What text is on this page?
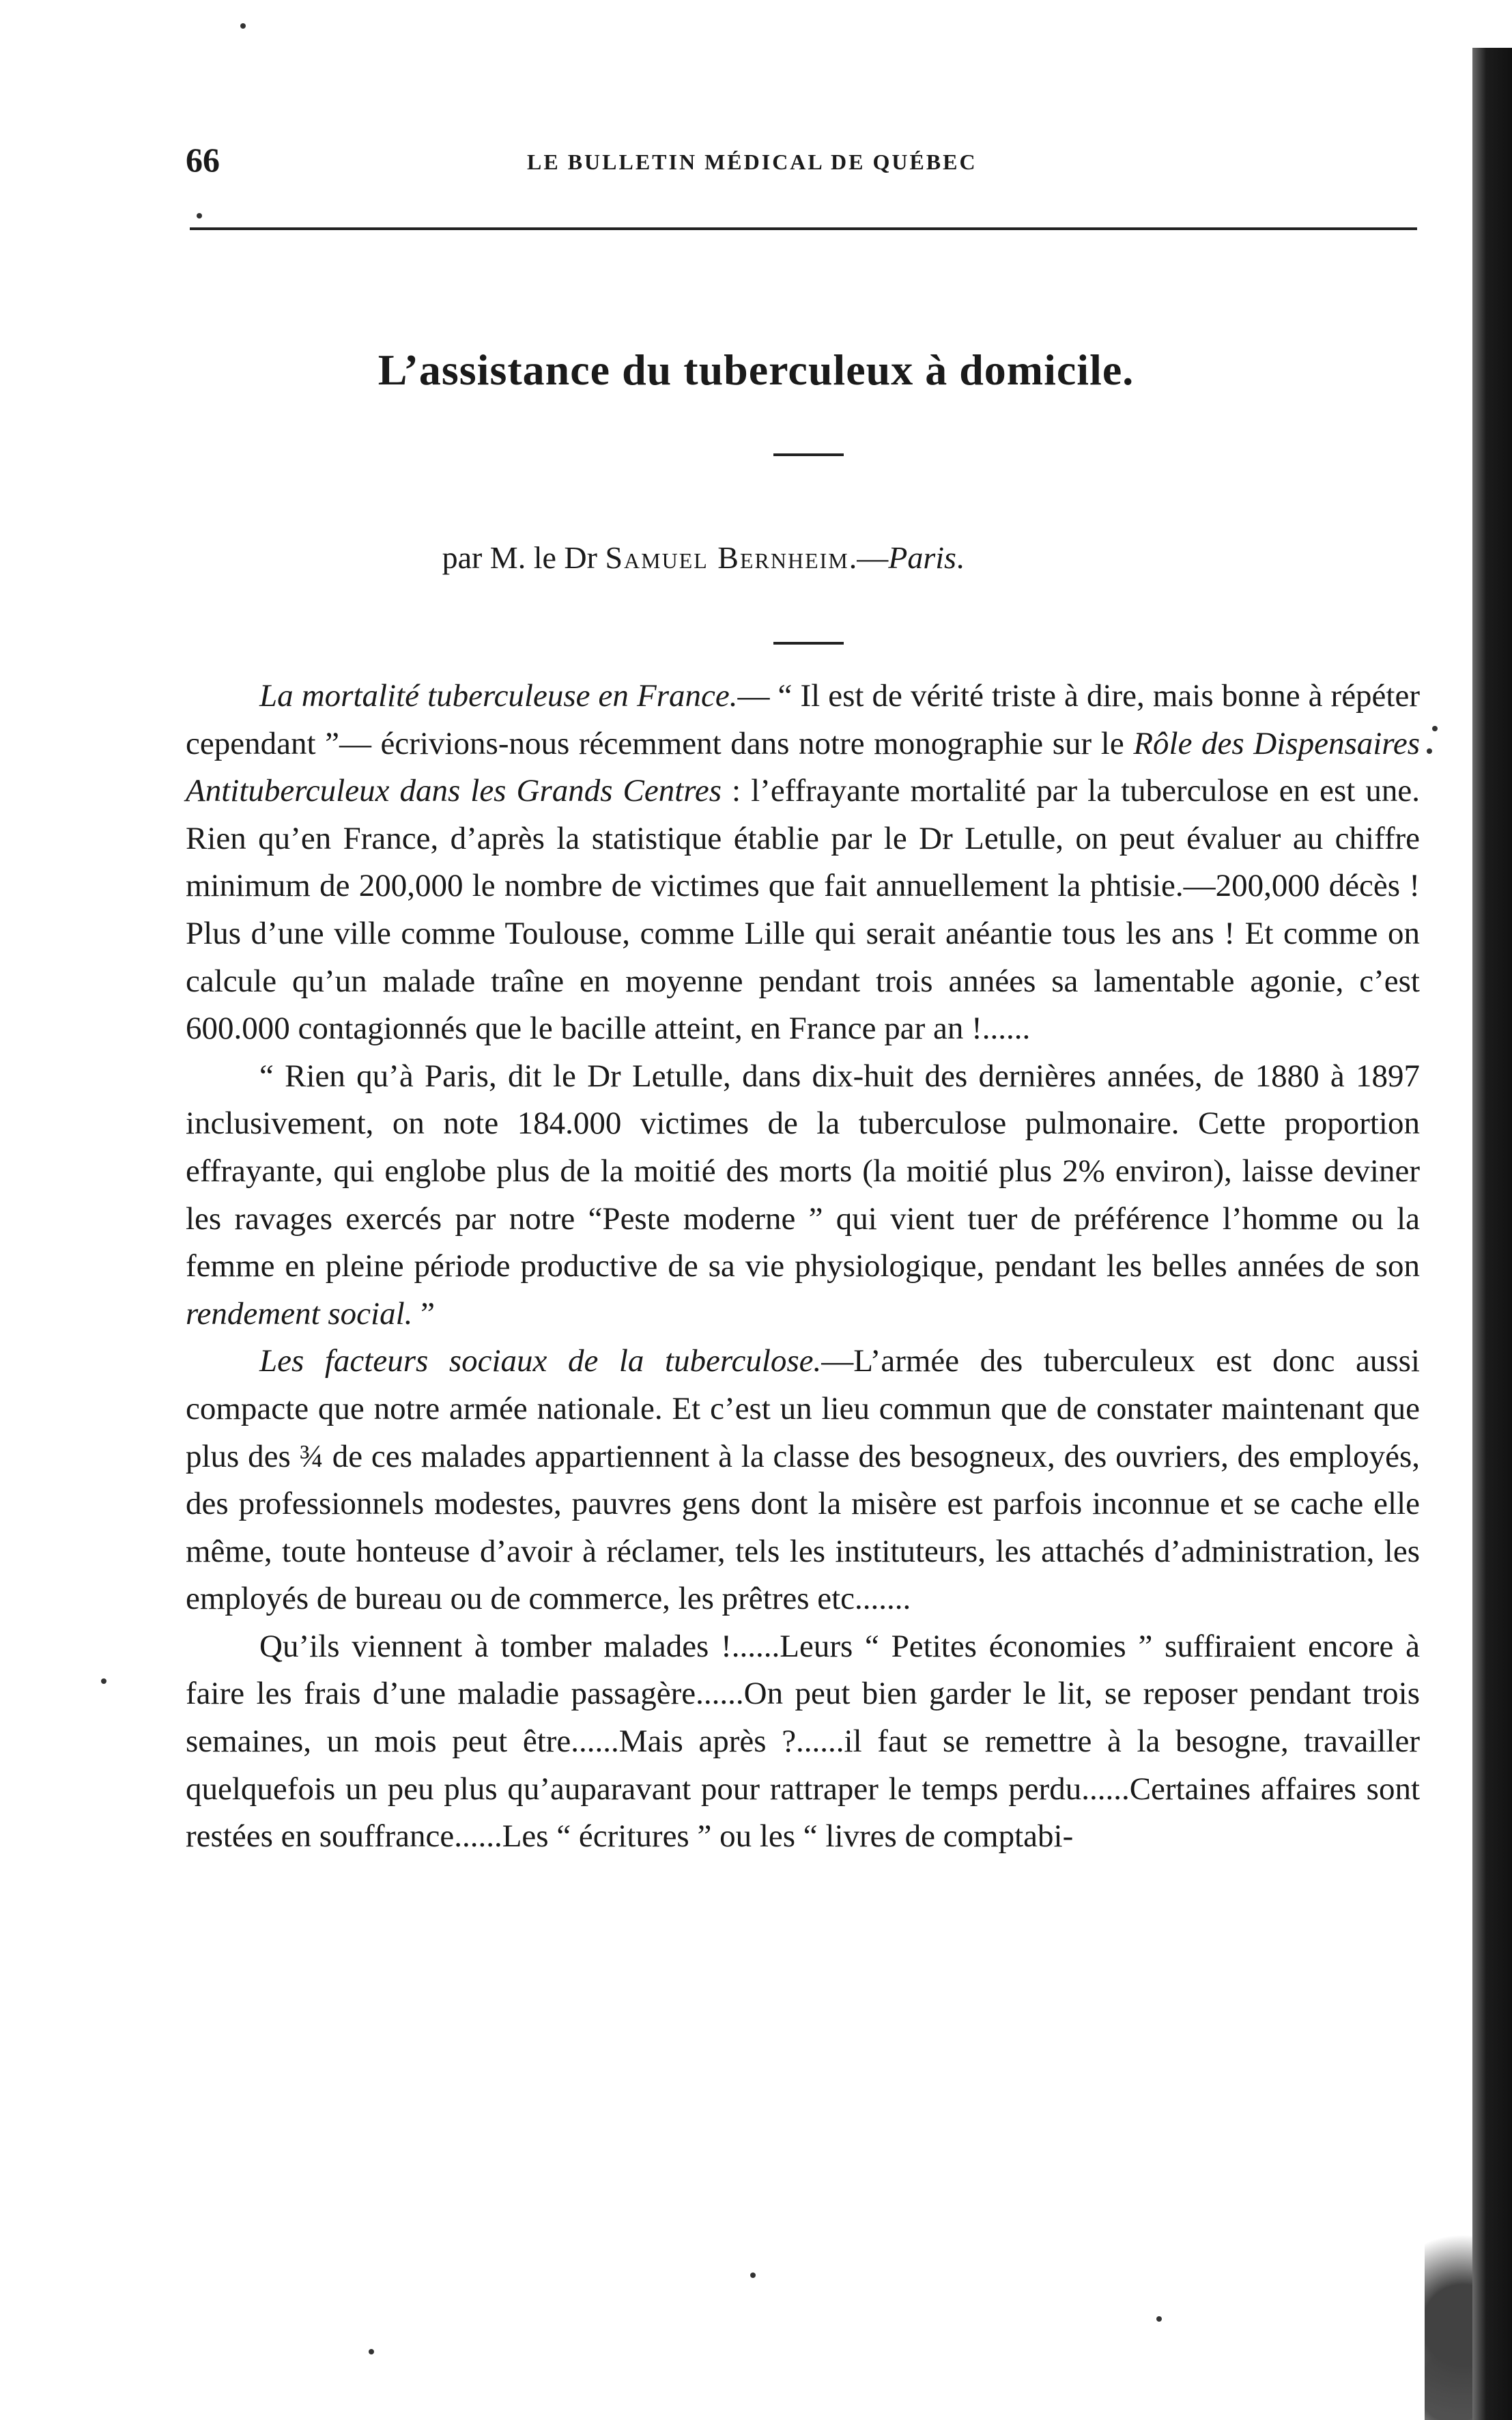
66	LE BULLETIN MÉDICAL DE QUÉBEC
L’assistance du tuberculeux à domicile.
par M. le Dr Samuel Bernheim.—Paris.

La mortalité tuberculeuse en France.— “ Il est de vérité triste à dire, mais bonne à répéter cependant ”— écrivions-nous récemment dans notre monographie sur le Rôle des Dispensaires Antituberculeux dans les Grands Centres : l’effrayante mortalité par la tuberculose en est une. Rien qu’en France, d’après la statistique établie par le Dr Letulle, on peut évaluer au chiffre minimum de 200,000 le nombre de victimes que fait annuellement la phtisie.—200,000 décès ! Plus d’une ville comme Toulouse, comme Lille qui serait anéantie tous les ans ! Et comme on calcule qu’un malade traîne en moyenne pendant trois années sa lamentable agonie, c’est 600.000 contagionnés que le bacille atteint, en France par an !......

“ Rien qu’à Paris, dit le Dr Letulle, dans dix-huit des dernières années, de 1880 à 1897 inclusivement, on note 184.000 victimes de la tuberculose pulmonaire. Cette proportion effrayante, qui englobe plus de la moitié des morts (la moitié plus 2% environ), laisse deviner les ravages exercés par notre “Peste moderne ” qui vient tuer de préférence l’homme ou la femme en pleine période productive de sa vie physiologique, pendant les belles années de son rendement social. ”

Les facteurs sociaux de la tuberculose.—L’armée des tuberculeux est donc aussi compacte que notre armée nationale. Et c’est un lieu commun que de constater maintenant que plus des ¾ de ces malades appartiennent à la classe des besogneux, des ouvriers, des employés, des professionnels modestes, pauvres gens dont la misère est parfois inconnue et se cache elle même, toute honteuse d’avoir à réclamer, tels les instituteurs, les attachés d’administration, les employés de bureau ou de commerce, les prêtres etc.......

Qu’ils viennent à tomber malades !......Leurs “ Petites économies ” suffiraient encore à faire les frais d’une maladie passagère......On peut bien garder le lit, se reposer pendant trois semaines, un mois peut être......Mais après ?......il faut se remettre à la besogne, travailler quelquefois un peu plus qu’auparavant pour rattraper le temps perdu......Certaines affaires sont restées en souffrance......Les “ écritures ” ou les “ livres de comptabi-
